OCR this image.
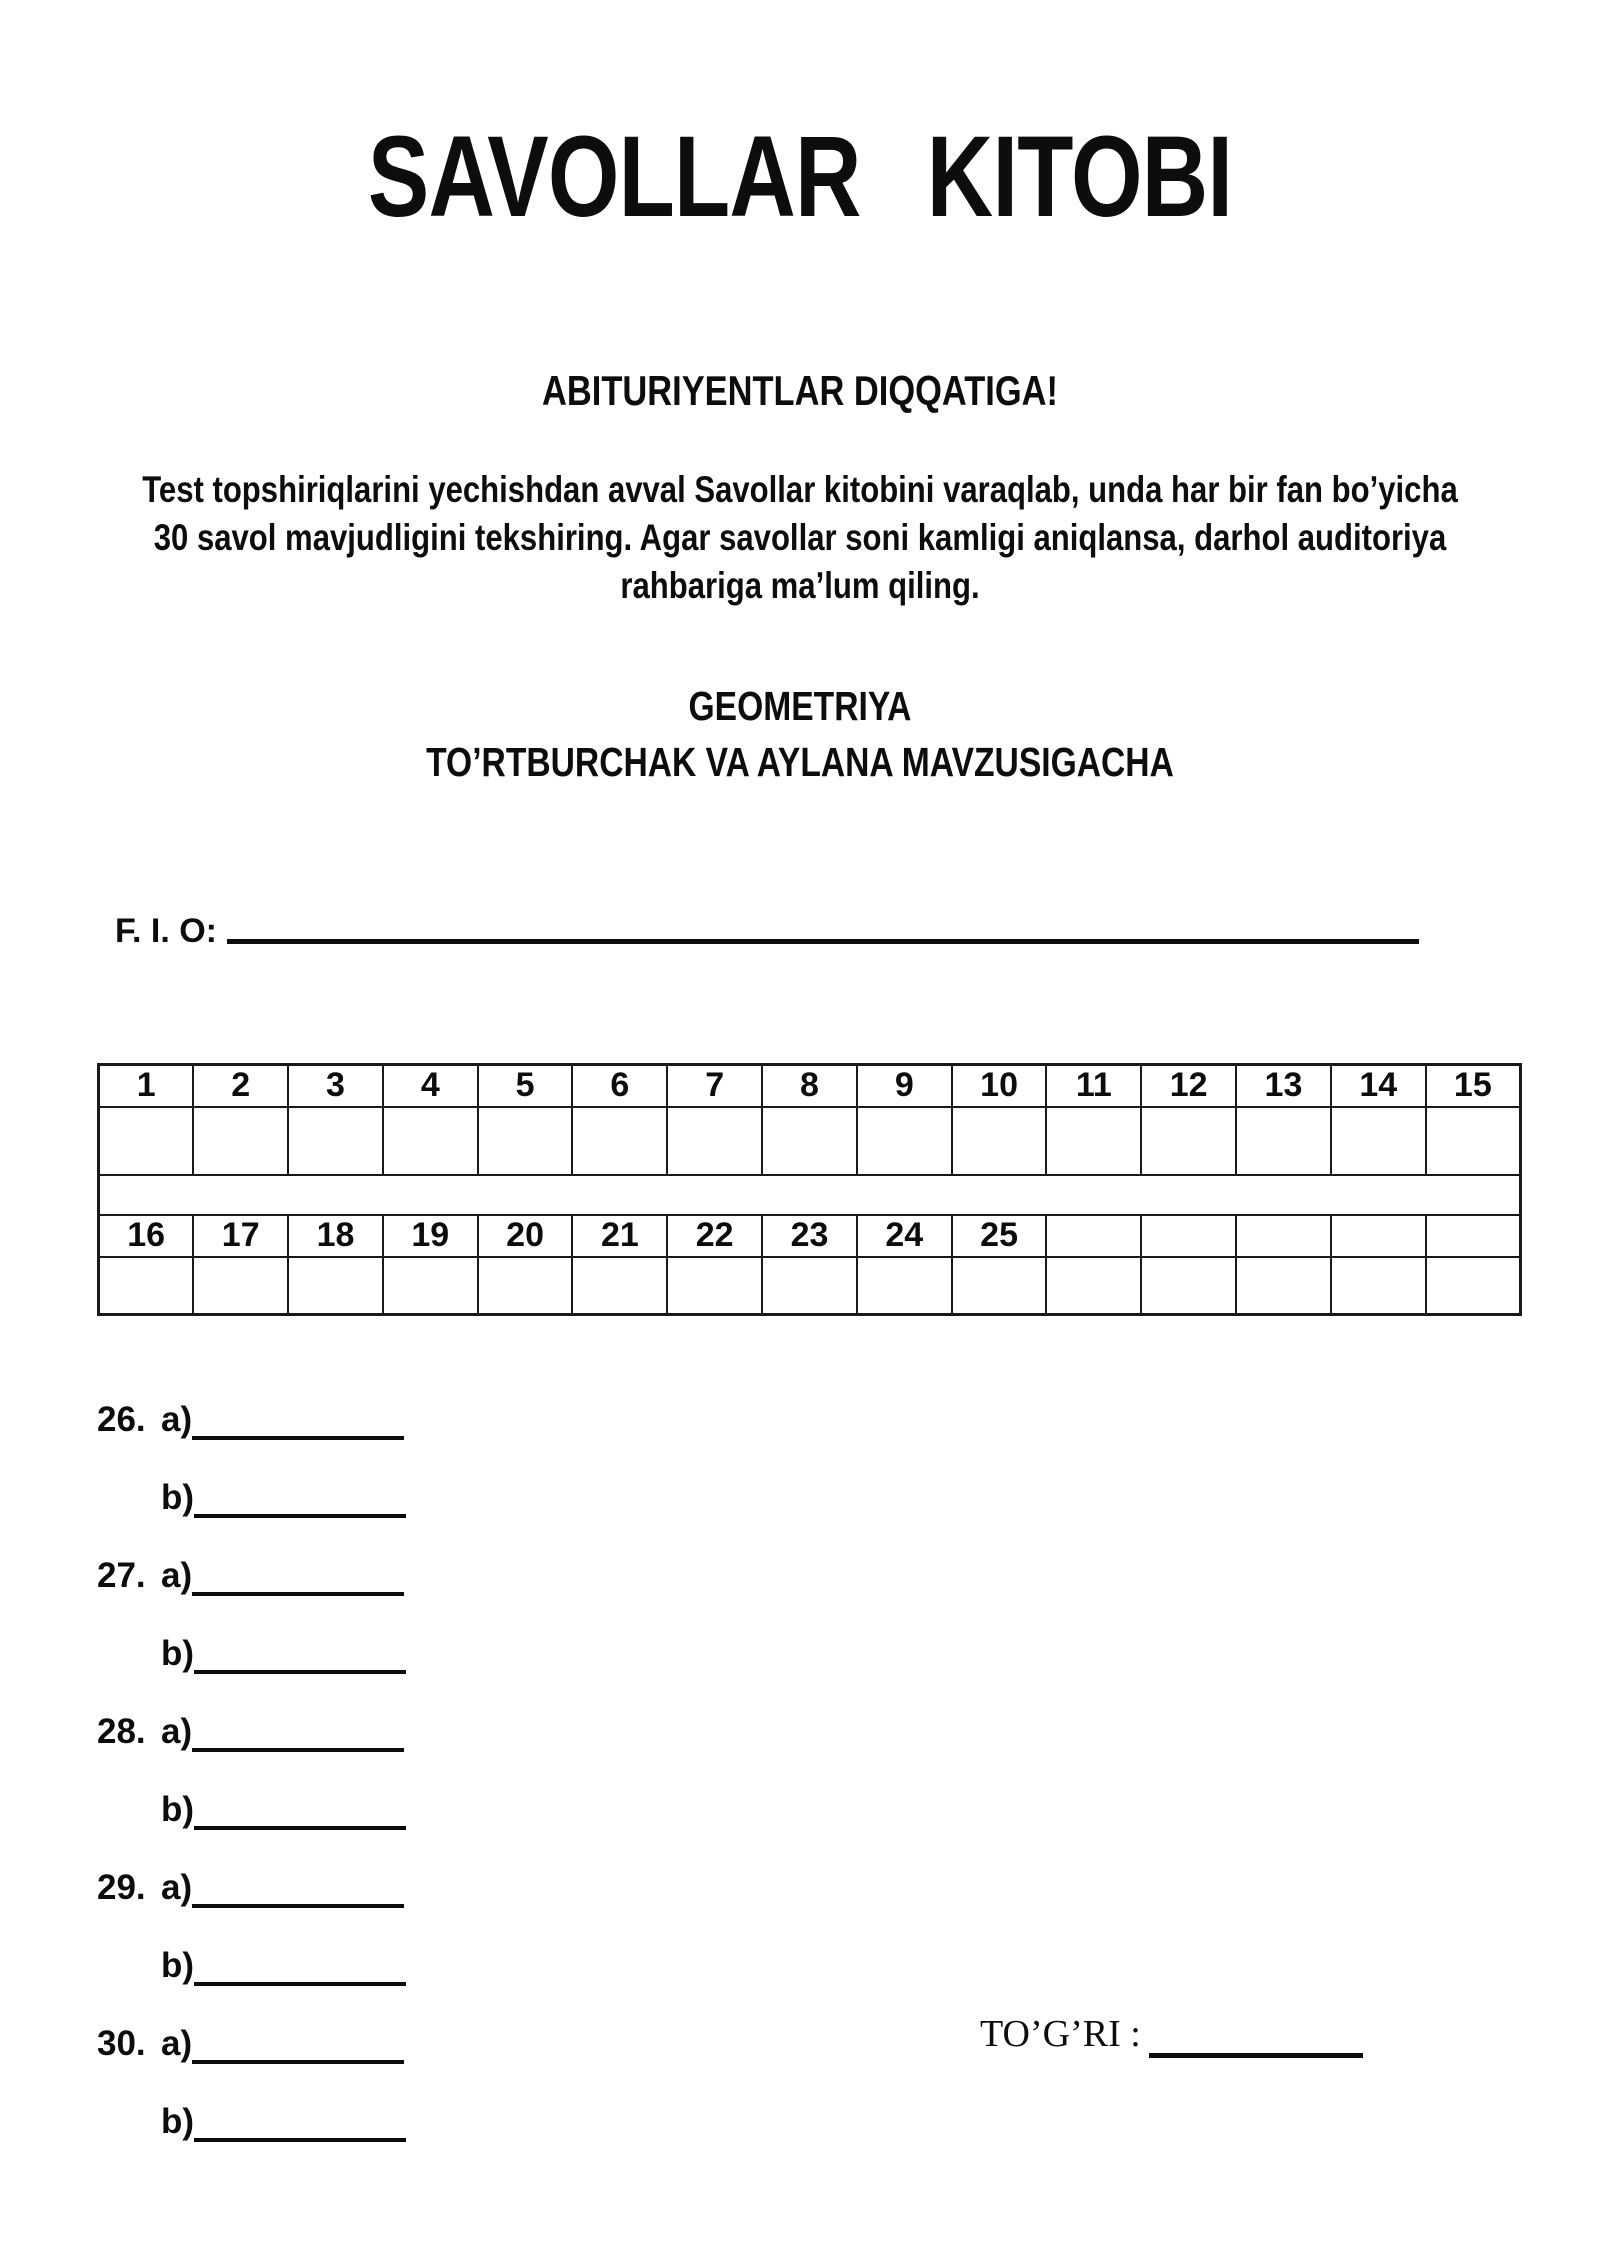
SAVOLLAR KITOBI
ABITURIYENTLAR DIQQATIGA!
Test topshiriqlarini yechishdan avval Savollar kitobini varaqlab, unda har bir fan bo’yicha
30 savol mavjudligini tekshiring. Agar savollar soni kamligi aniqlansa, darhol auditoriya
rahbariga ma’lum qiling.
GEOMETRIYA
TO’RTBURCHAK VA AYLANA MAVZUSIGACHA
F. I. O:
1	2	3	4	5	6	7	8	9	10	11	12	13	14	15

16	17	18	19	20	21	22	23	24	25					

26. a)
b)
27. a)
b)
28. a)
b)
29. a)
b)
30. a)
b)
TO’G’RI :
